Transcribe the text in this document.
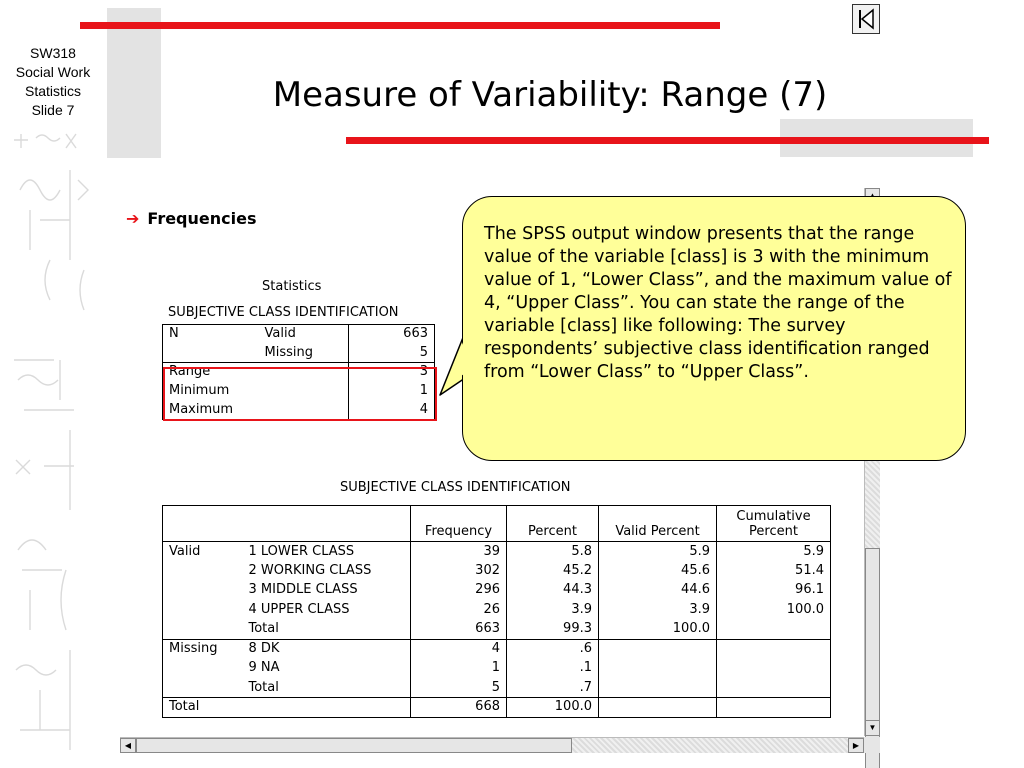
SW318
Social Work
Statistics
Slide 7	Measure of Variability: Range (7)
➔ Frequencies
Statistics
SUBJECTIVE CLASS IDENTIFICATION
N	Valid	663
	Missing	5
Range		3
Minimum		1
Maximum		4
SUBJECTIVE CLASS IDENTIFICATION
		Frequency	Percent	Valid Percent	Cumulative Percent
Valid	1 LOWER CLASS	39	5.8	5.9	5.9
	2 WORKING CLASS	302	45.2	45.6	51.4
	3 MIDDLE CLASS	296	44.3	44.6	96.1
	4 UPPER CLASS	26	3.9	3.9	100.0
	Total	663	99.3	100.0	
Missing	8 DK	4	.6		
	9 NA	1	.1		
	Total	5	.7		
Total		668	100.0		
▼
◀	▶
The SPSS output window presents that the range value of the variable [class] is 3 with the minimum value of 1, “Lower Class”, and the maximum value of 4, “Upper Class”. You can state the range of the variable [class] like following: The survey respondents’ subjective class identification ranged from “Lower Class” to “Upper Class”.
